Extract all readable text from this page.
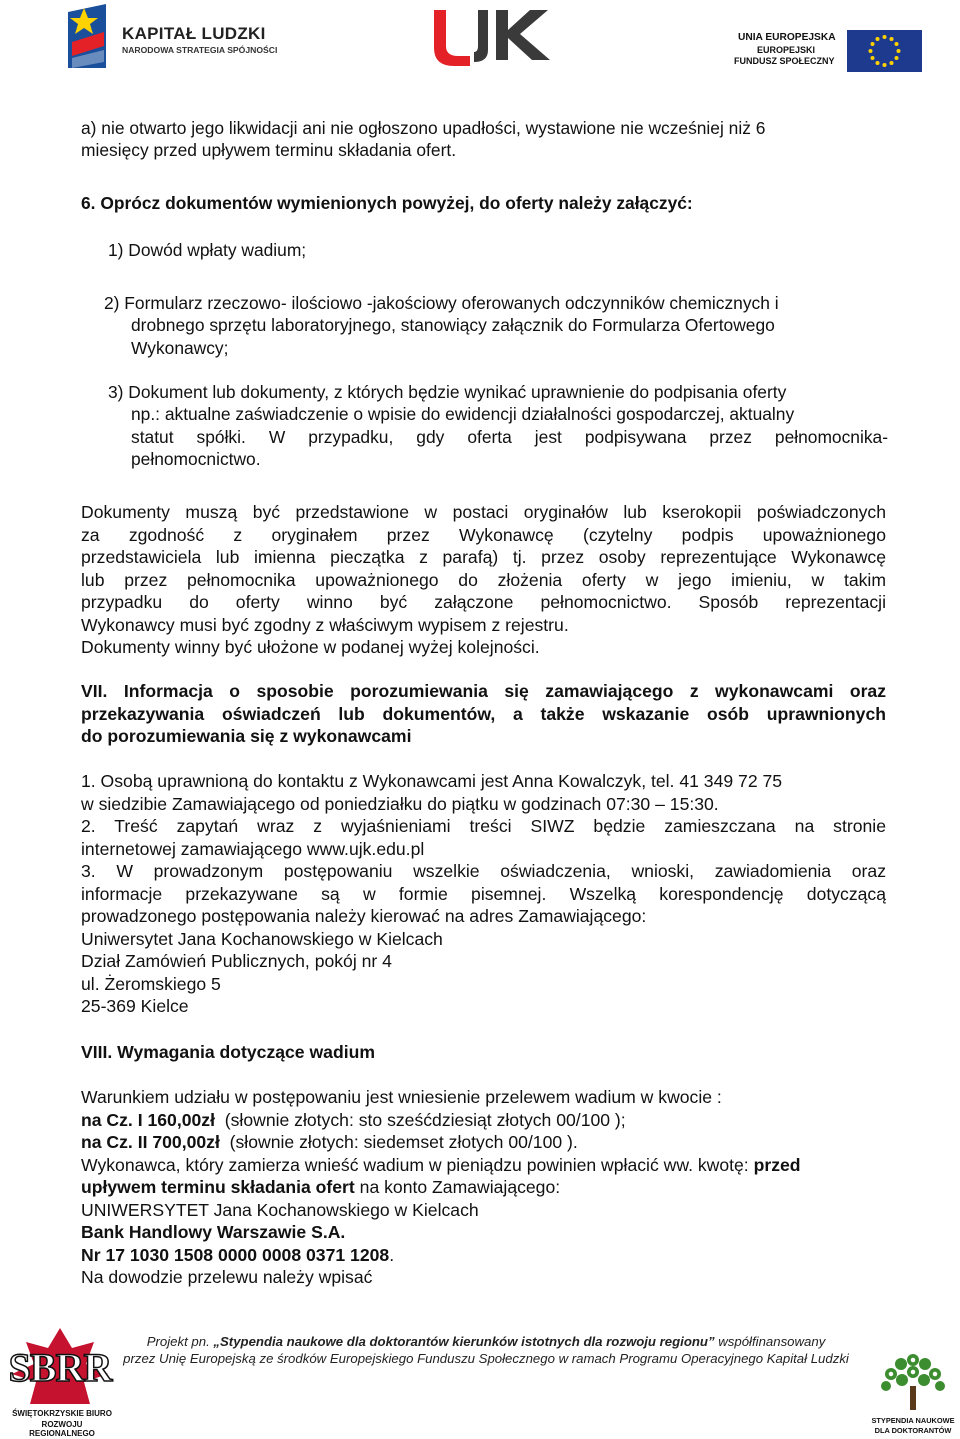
KAPITAŁ LUDZKI
NARODOWA STRATEGIA SPÓJNOŚCI
UNIA EUROPEJSKA
EUROPEJSKI
FUNDUSZ SPOŁECZNY
a) nie otwarto jego likwidacji ani nie ogłoszono upadłości, wystawione nie wcześniej niż 6
miesięcy przed upływem terminu składania ofert.
6. Oprócz dokumentów wymienionych powyżej, do oferty należy załączyć:
1) Dowód wpłaty wadium;
2) Formularz rzeczowo- ilościowo -jakościowy oferowanych odczynników chemicznych i
drobnego sprzętu laboratoryjnego, stanowiący załącznik do Formularza Ofertowego
Wykonawcy;
3) Dokument lub dokumenty, z których będzie wynikać uprawnienie do podpisania oferty
np.: aktualne zaświadczenie o wpisie do ewidencji działalności gospodarczej, aktualny
statut spółki. W przypadku, gdy oferta jest podpisywana przez pełnomocnika-
pełnomocnictwo.
Dokumenty muszą być przedstawione w postaci oryginałów lub kserokopii poświadczonych
za zgodność z oryginałem przez Wykonawcę (czytelny podpis upoważnionego
przedstawiciela lub imienna pieczątka z parafą) tj. przez osoby reprezentujące Wykonawcę
lub przez pełnomocnika upoważnionego do złożenia oferty w jego imieniu, w takim
przypadku do oferty winno być załączone pełnomocnictwo. Sposób reprezentacji
Wykonawcy musi być zgodny z właściwym wypisem z rejestru.
Dokumenty winny być ułożone w podanej wyżej kolejności.
VII. Informacja o sposobie porozumiewania się zamawiającego z wykonawcami oraz
przekazywania oświadczeń lub dokumentów, a także wskazanie osób uprawnionych
do porozumiewania się z wykonawcami
1. Osobą uprawnioną do kontaktu z Wykonawcami jest Anna Kowalczyk, tel. 41 349 72 75
w siedzibie Zamawiającego od poniedziałku do piątku w godzinach 07:30 – 15:30.
2. Treść zapytań wraz z wyjaśnieniami treści SIWZ będzie zamieszczana na stronie
internetowej zamawiającego www.ujk.edu.pl
3. W prowadzonym postępowaniu wszelkie oświadczenia, wnioski, zawiadomienia oraz
informacje przekazywane są w formie pisemnej. Wszelką korespondencję dotyczącą
prowadzonego postępowania należy kierować na adres Zamawiającego:
Uniwersytet Jana Kochanowskiego w Kielcach
Dział Zamówień Publicznych, pokój nr 4
ul. Żeromskiego 5
25-369 Kielce
VIII. Wymagania dotyczące wadium
Warunkiem udziału w postępowaniu jest wniesienie przelewem wadium w kwocie :
na Cz. I 160,00zł  (słownie złotych: sto sześćdziesiąt złotych 00/100 );
na Cz. II 700,00zł  (słownie złotych: siedemset złotych 00/100 ).
Wykonawca, który zamierza wnieść wadium w pieniądzu powinien wpłacić ww. kwotę: przed
upływem terminu składania ofert na konto Zamawiającego:
UNIWERSYTET Jana Kochanowskiego w Kielcach
Bank Handlowy Warszawie S.A.
Nr 17 1030 1508 0000 0008 0371 1208.
Na dowodzie przelewu należy wpisać
SBRR
ŚWIĘTOKRZYSKIE BIURO
ROZWOJU REGIONALNEGO
Projekt pn. „Stypendia naukowe dla doktorantów kierunków istotnych dla rozwoju regionu” współfinansowany
przez Unię Europejską ze środków Europejskiego Funduszu Społecznego w ramach Programu Operacyjnego Kapitał Ludzki
STYPENDIA NAUKOWE
DLA DOKTORANTÓW
